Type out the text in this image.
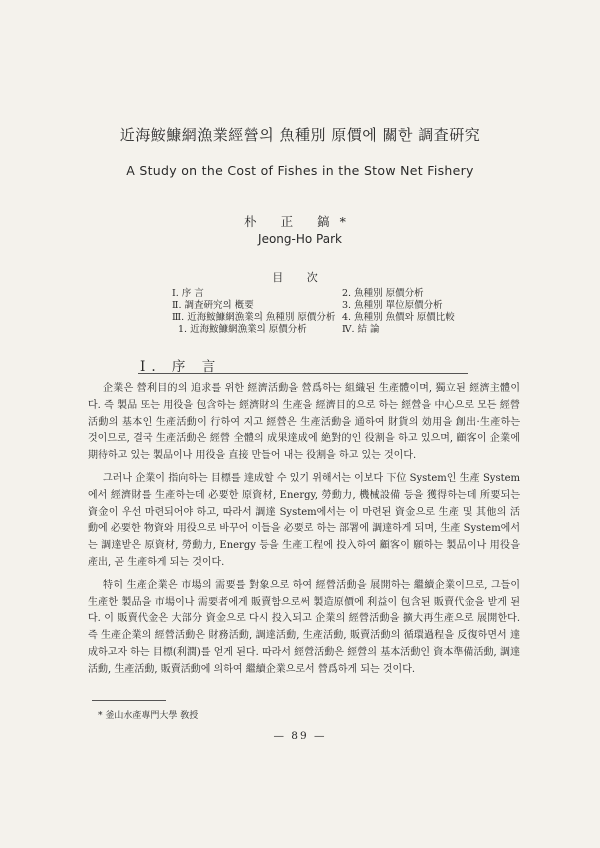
近海鮟鱇網漁業經營의 魚種別 原價에 關한 調査硏究
A Study on the Cost of Fishes in the Stow Net Fishery
朴 正 鎬*
Jeong-Ho Park
目 次
Ⅰ. 序 言
Ⅱ. 調査硏究의 槪要
Ⅲ. 近海鮟鱇網漁業의 魚種別 原價分析
1. 近海鮟鱇網漁業의 原價分析
2. 魚種別 原價分析
3. 魚種別 單位原價分析
4. 魚種別 魚價와 原價比較
Ⅳ. 結 論
Ⅰ. 序 言

企業은 營利目的의 追求를 위한 經濟活動을 營爲하는 組織된 生產體이며, 獨立된 經濟主體이다. 즉 製品 또는 用役을 包含하는 經濟財의 生產을 經濟目的으로 하는 經營을 中心으로 모든 經營活動의 基本인 生產活動이 行하여 지고 經營은 生產活動을 通하여 財貨의 効用을 創出·生產하는 것이므로, 결국 生產活動은 經營 全體의 成果達成에 絶對的인 役割을 하고 있으며, 顧客이 企業에 期待하고 있는 製品이나 用役을 直接 만들어 내는 役割을 하고 있는 것이다.

그러나 企業이 指向하는 目標를 達成할 수 있기 위해서는 이보다 下位 System인 生產 System에서 經濟財를 生產하는데 必要한 原資材, Energy, 勞動力, 機械設備 등을 獲得하는데 所要되는 資金이 우선 마련되어야 하고, 따라서 調達 System에서는 이 마련된 資金으로 生產 및 其他의 活動에 必要한 物資와 用役으로 바꾸어 이들을 必要로 하는 部署에 調達하게 되며, 生產 System에서는 調達받은 原資材, 勞動力, Energy 등을 生產工程에 投入하여 顧客이 願하는 製品이나 用役을 產出, 곧 生產하게 되는 것이다.

特히 生產企業은 市場의 需要를 對象으로 하여 經營活動을 展開하는 繼續企業이므로, 그들이 生產한 製品을 市場이나 需要者에게 販賣함으로써 製造原價에 利益이 包含된 販賣代金을 받게 된다. 이 販賣代金은 大部分 資金으로 다시 投入되고 企業의 經營活動을 擴大再生產으로 展開한다. 즉 生產企業의 經營活動은 財務活動, 調達活動, 生產活動, 販賣活動의 循環過程을 反復하면서 達成하고자 하는 目標(利潤)를 얻게 된다. 따라서 經營活動은 經營의 基本活動인 資本準備活動, 調達活動, 生產活動, 販賣活動에 의하여 繼續企業으로서 營爲하게 되는 것이다.

* 釜山水產專門大學 敎授
— 89 —
